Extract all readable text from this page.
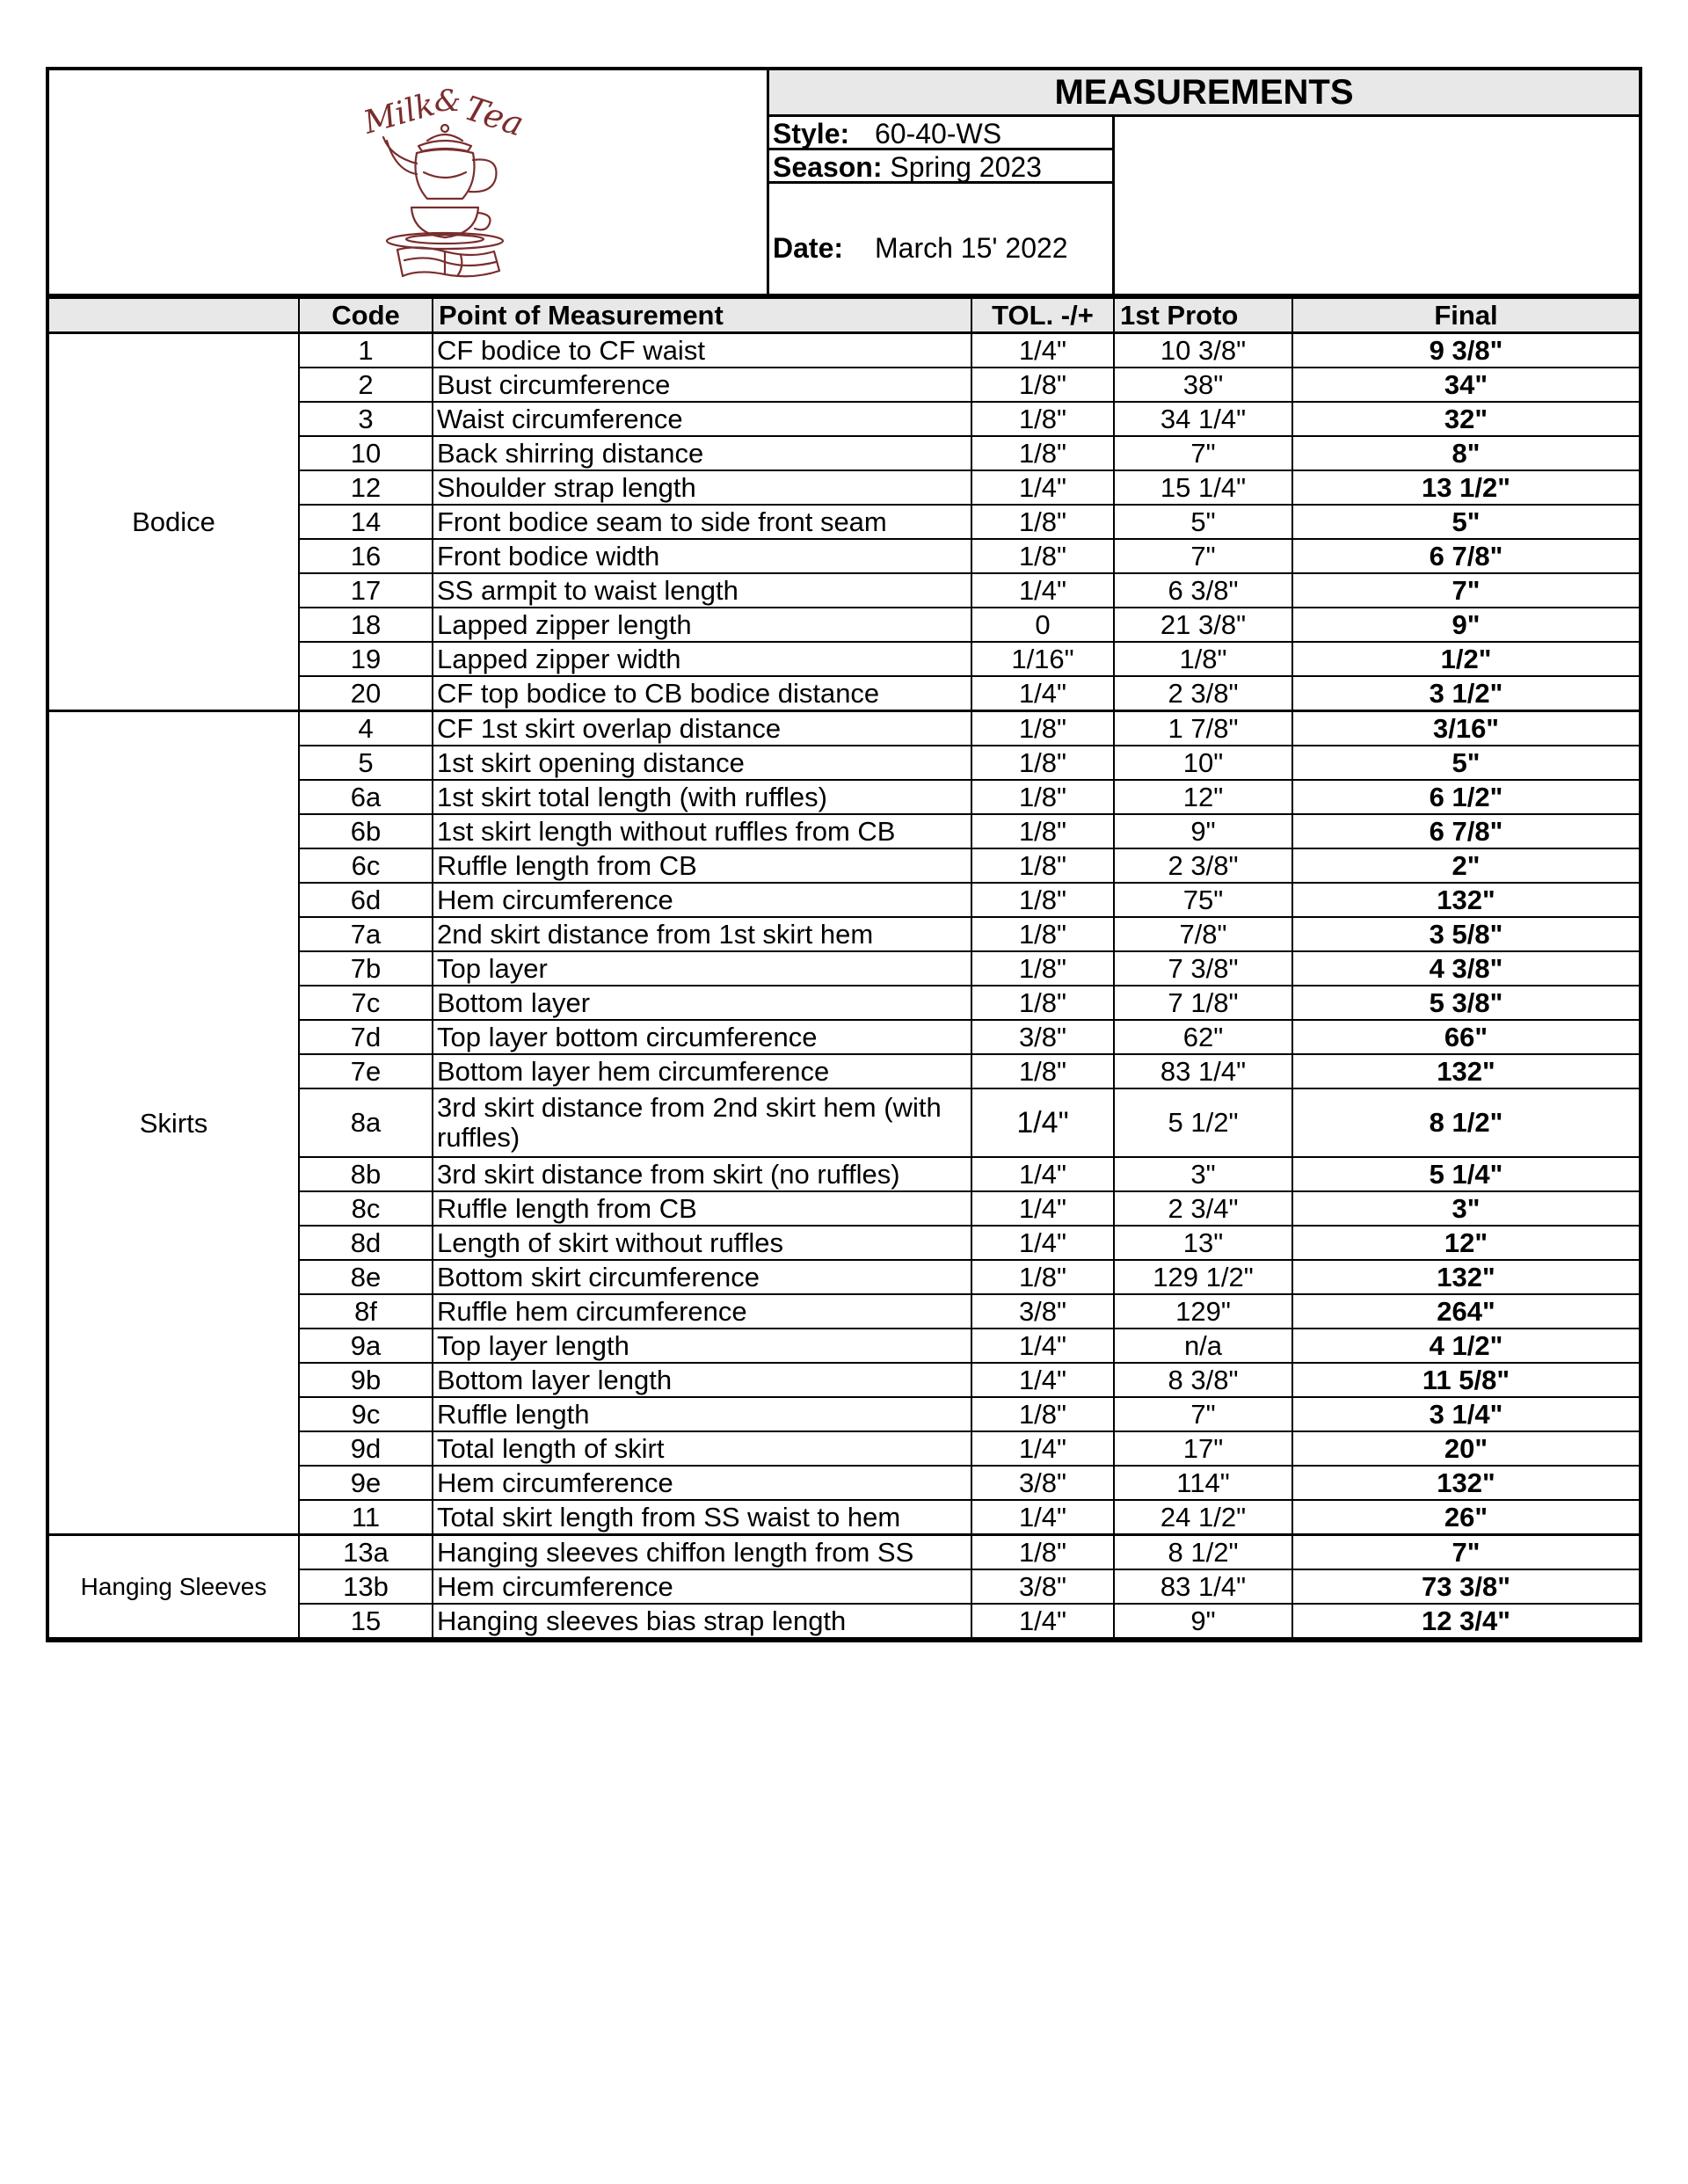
Milk
&
Tea	MEASUREMENTS
Style: 60-40-WS
Season: Spring 2023
Date:	March 15' 2022
	Code	Point of Measurement	TOL. -/+	1st Proto	Final
Bodice	1	CF bodice to CF waist	1/4"	10 3/8"	9 3/8"
	2	Bust circumference	1/8"	38"	34"
	3	Waist circumference	1/8"	34 1/4"	32"
	10	Back shirring distance	1/8"	7"	8"
	12	Shoulder strap length	1/4"	15 1/4"	13 1/2"
	14	Front bodice seam to side front seam	1/8"	5"	5"
	16	Front bodice width	1/8"	7"	6 7/8"
	17	SS armpit to waist length	1/4"	6 3/8"	7"
	18	Lapped zipper length	0	21 3/8"	9"
	19	Lapped zipper width	1/16"	1/8"	1/2"
	20	CF top bodice to CB bodice distance	1/4"	2 3/8"	3 1/2"
Skirts	4	CF 1st skirt overlap distance	1/8"	1 7/8"	3/16"
	5	1st skirt opening distance	1/8"	10"	5"
	6a	1st skirt total length (with ruffles)	1/8"	12"	6 1/2"
	6b	1st skirt length without ruffles from CB	1/8"	9"	6 7/8"
	6c	Ruffle length from CB	1/8"	2 3/8"	2"
	6d	Hem circumference	1/8"	75"	132"
	7a	2nd skirt distance from 1st skirt hem	1/8"	7/8"	3 5/8"
	7b	Top layer	1/8"	7 3/8"	4 3/8"
	7c	Bottom layer	1/8"	7 1/8"	5 3/8"
	7d	Top layer bottom circumference	3/8"	62"	66"
	7e	Bottom layer hem circumference	1/8"	83 1/4"	132"
	8a	3rd skirt distance from 2nd skirt hem (with ruffles)	1/4"	5 1/2"	8 1/2"
	8b	3rd skirt distance from skirt (no ruffles)	1/4"	3"	5 1/4"
	8c	Ruffle length from CB	1/4"	2 3/4"	3"
	8d	Length of skirt without ruffles	1/4"	13"	12"
	8e	Bottom skirt circumference	1/8"	129 1/2"	132"
	8f	Ruffle hem circumference	3/8"	129"	264"
	9a	Top layer length	1/4"	n/a	4 1/2"
	9b	Bottom layer length	1/4"	8 3/8"	11 5/8"
	9c	Ruffle length	1/8"	7"	3 1/4"
	9d	Total length of skirt	1/4"	17"	20"
	9e	Hem circumference	3/8"	114"	132"
	11	Total skirt length from SS waist to hem	1/4"	24 1/2"	26"
Hanging Sleeves	13a	Hanging sleeves chiffon length from SS	1/8"	8 1/2"	7"
	13b	Hem circumference	3/8"	83 1/4"	73 3/8"
	15	Hanging sleeves bias strap length	1/4"	9"	12 3/4"
